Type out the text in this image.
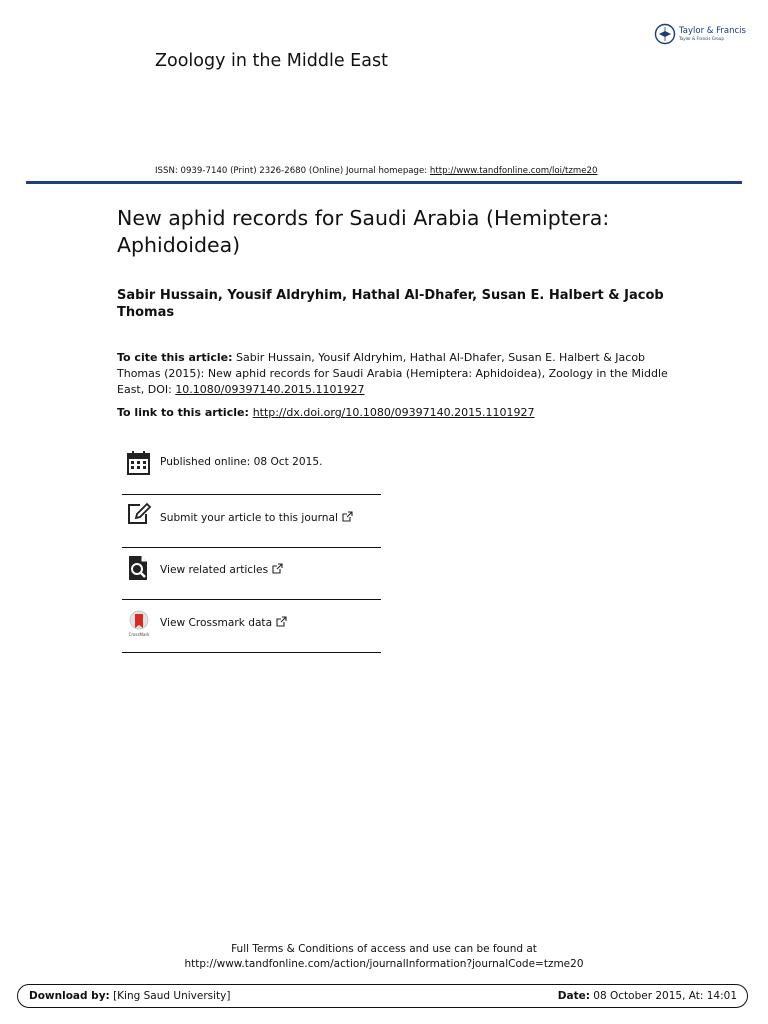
Taylor & Francis
Taylor & Francis Group
Zoology in the Middle East
ISSN: 0939-7140 (Print) 2326-2680 (Online) Journal homepage: http://www.tandfonline.com/loi/tzme20
New aphid records for Saudi Arabia (Hemiptera: Aphidoidea)
Sabir Hussain, Yousif Aldryhim, Hathal Al-Dhafer, Susan E. Halbert & Jacob Thomas
To cite this article: Sabir Hussain, Yousif Aldryhim, Hathal Al-Dhafer, Susan E. Halbert & Jacob Thomas (2015): New aphid records for Saudi Arabia (Hemiptera: Aphidoidea), Zoology in the Middle East, DOI: 10.1080/09397140.2015.1101927
To link to this article: http://dx.doi.org/10.1080/09397140.2015.1101927
Published online: 08 Oct 2015.
Submit your article to this journal
View related articles
CrossMark
View Crossmark data
Full Terms & Conditions of access and use can be found at
http://www.tandfonline.com/action/journalInformation?journalCode=tzme20
Download by: [King Saud University]	Date: 08 October 2015, At: 14:01
